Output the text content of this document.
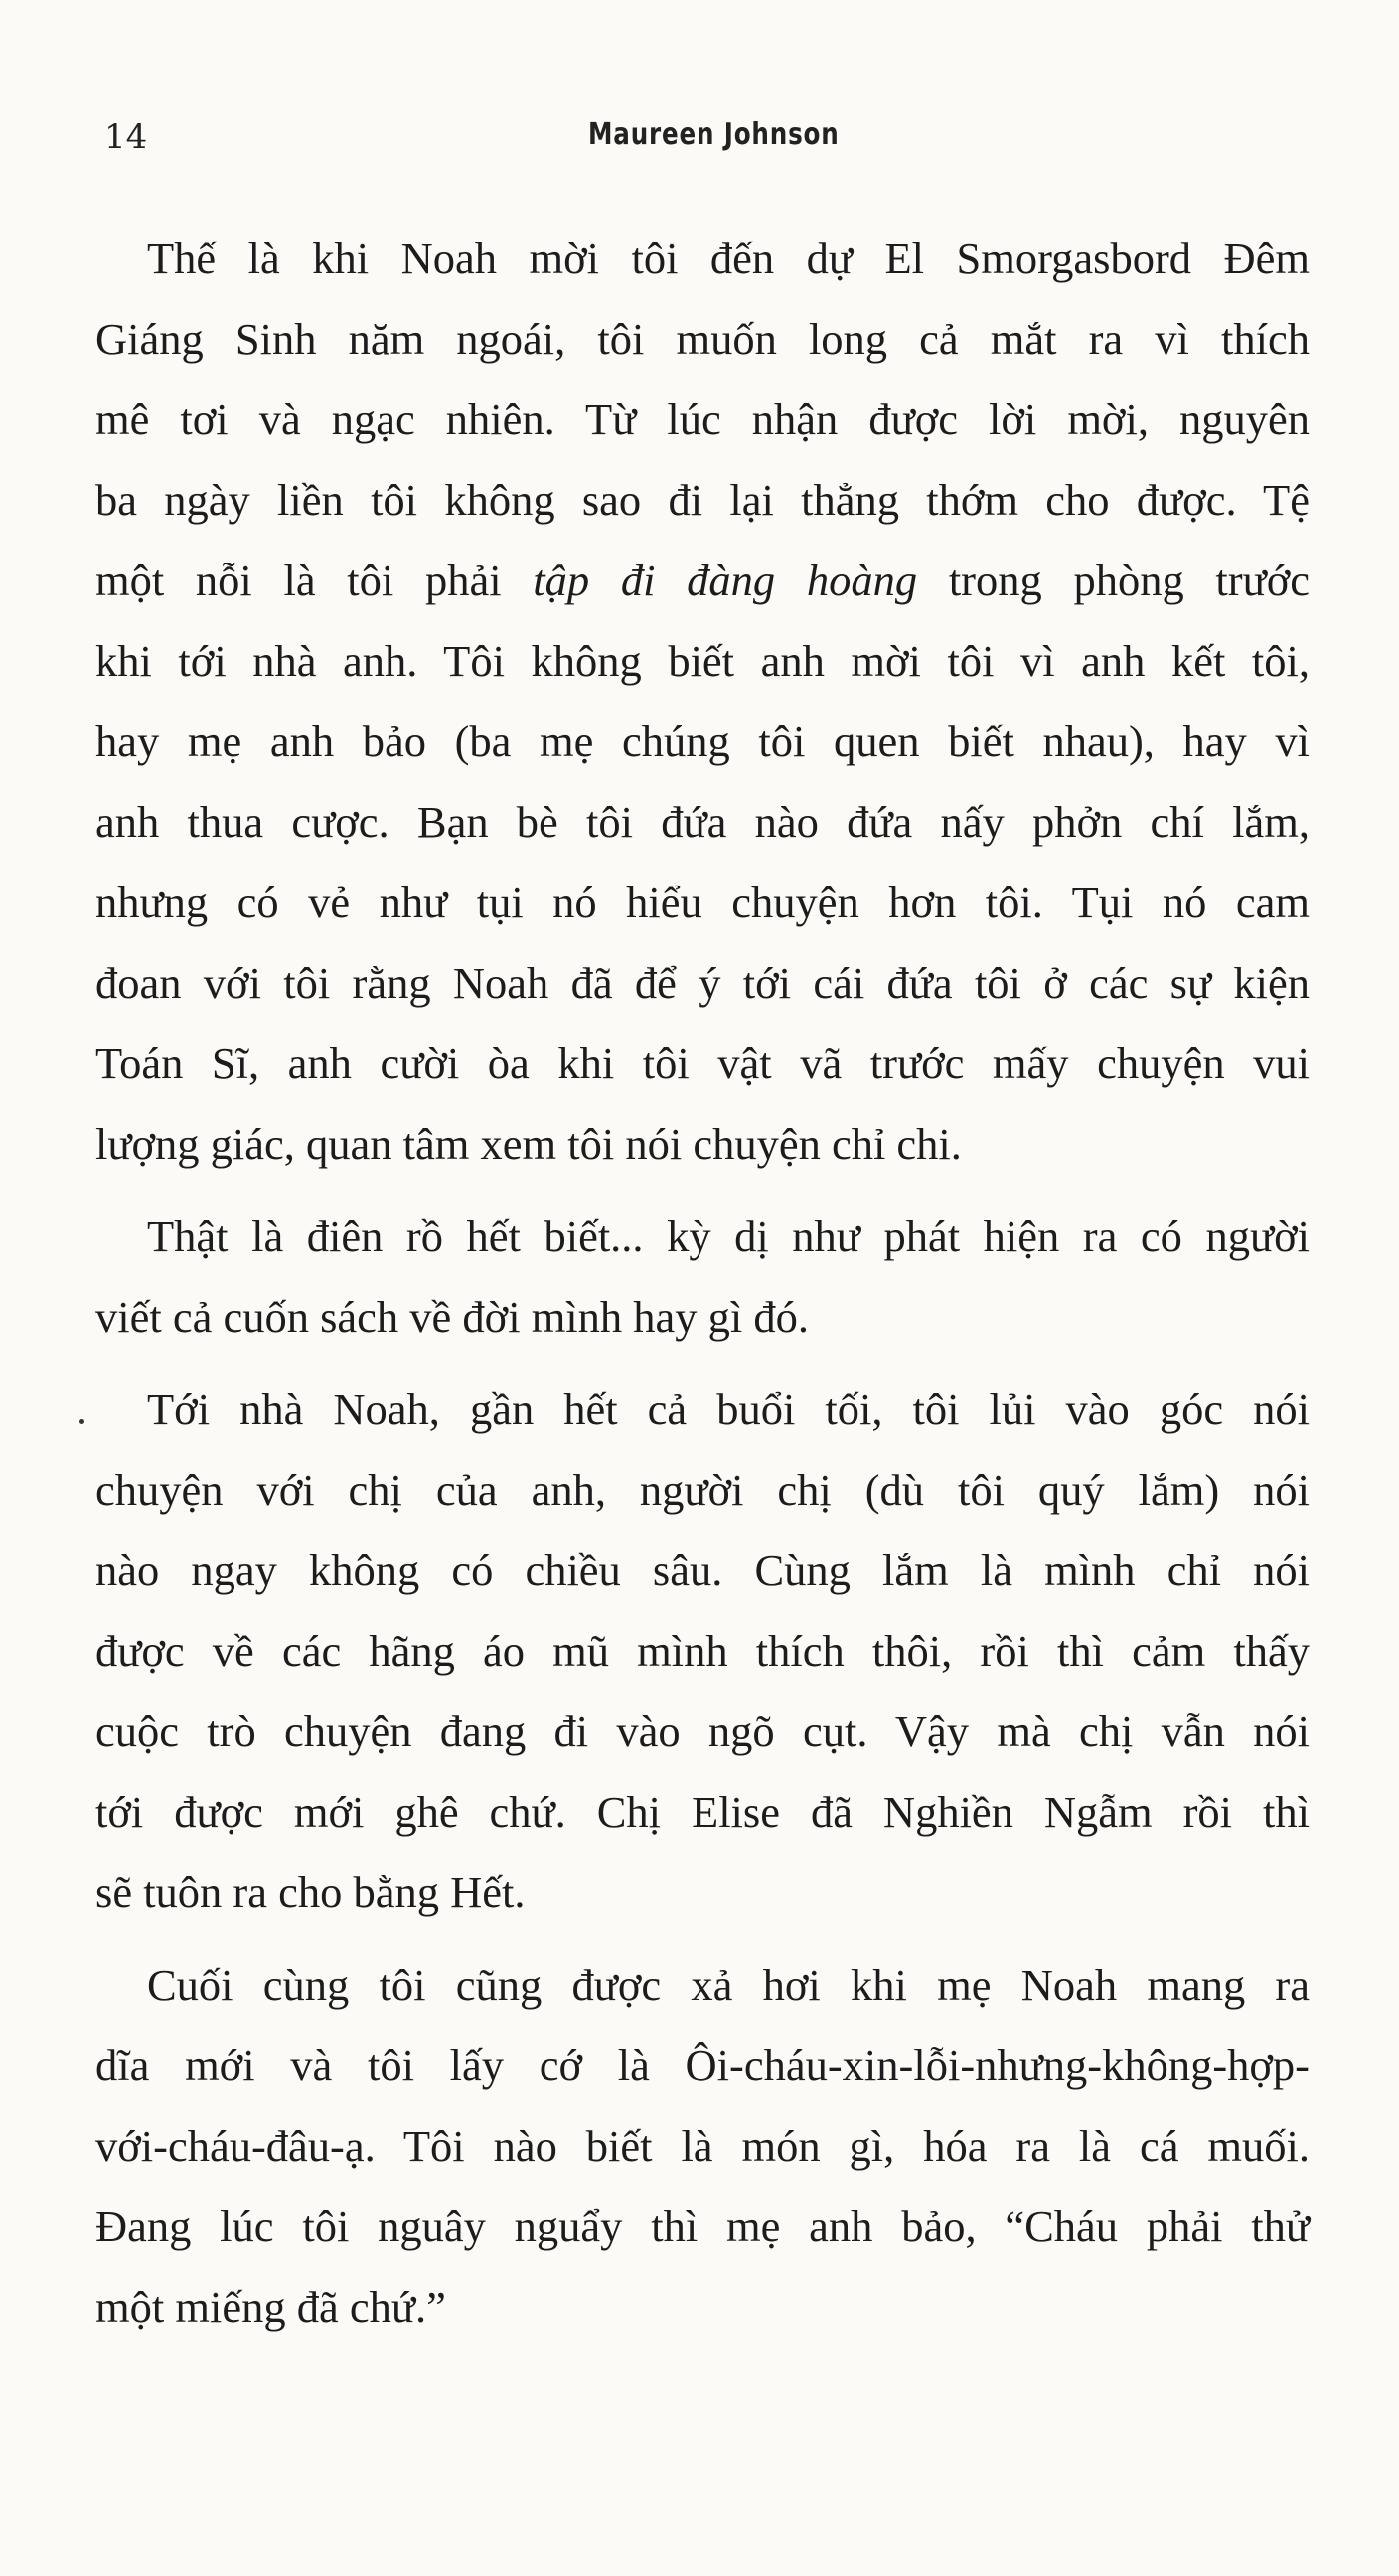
14	Maureen Johnson
Thế là khi Noah mời tôi đến dự El Smorgasbord Đêm
Giáng Sinh năm ngoái, tôi muốn long cả mắt ra vì thích
mê tơi và ngạc nhiên. Từ lúc nhận được lời mời, nguyên
ba ngày liền tôi không sao đi lại thẳng thớm cho được. Tệ
một nỗi là tôi phải tập đi đàng hoàng trong phòng trước
khi tới nhà anh. Tôi không biết anh mời tôi vì anh kết tôi,
hay mẹ anh bảo (ba mẹ chúng tôi quen biết nhau), hay vì
anh thua cược. Bạn bè tôi đứa nào đứa nấy phởn chí lắm,
nhưng có vẻ như tụi nó hiểu chuyện hơn tôi. Tụi nó cam
đoan với tôi rằng Noah đã để ý tới cái đứa tôi ở các sự kiện
Toán Sĩ, anh cười òa khi tôi vật vã trước mấy chuyện vui
lượng giác, quan tâm xem tôi nói chuyện chỉ chi.
Thật là điên rồ hết biết... kỳ dị như phát hiện ra có người
viết cả cuốn sách về đời mình hay gì đó.
Tới nhà Noah, gần hết cả buổi tối, tôi lủi vào góc nói
chuyện với chị của anh, người chị (dù tôi quý lắm) nói
nào ngay không có chiều sâu. Cùng lắm là mình chỉ nói
được về các hãng áo mũ mình thích thôi, rồi thì cảm thấy
cuộc trò chuyện đang đi vào ngõ cụt. Vậy mà chị vẫn nói
tới được mới ghê chứ. Chị Elise đã Nghiền Ngẫm rồi thì
sẽ tuôn ra cho bằng Hết.
Cuối cùng tôi cũng được xả hơi khi mẹ Noah mang ra
dĩa mới và tôi lấy cớ là Ôi-cháu-xin-lỗi-nhưng-không-hợp-
với-cháu-đâu-ạ. Tôi nào biết là món gì, hóa ra là cá muối.
Đang lúc tôi nguây nguẩy thì mẹ anh bảo, “Cháu phải thử
một miếng đã chứ.”
